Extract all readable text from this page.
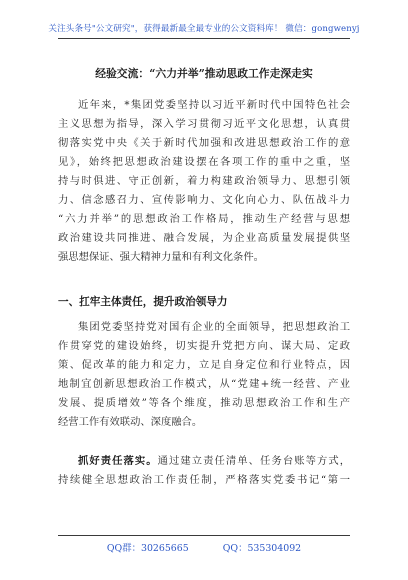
关注头条号"公文研究"，获得最新最全最专业的公文资料库！ 微信：gongwenyj
经验交流：“六力并举”推动思政工作走深走实
近年来，*集团党委坚持以习近平新时代中国特色社会
主义思想为指导，深入学习贯彻习近平文化思想，认真贯
彻落实党中央《关于新时代加强和改进思想政治工作的意
见》，始终把思想政治建设摆在各项工作的重中之重，坚
持与时俱进、守正创新，着力构建政治领导力、思想引领
力、信念感召力、宣传影响力、文化向心力、队伍战斗力
“六力并举”的思想政治工作格局，推动生产经营与思想
政治建设共同推进、融合发展，为企业高质量发展提供坚
强思想保证、强大精神力量和有利文化条件。
一、扛牢主体责任，提升政治领导力
集团党委坚持党对国有企业的全面领导，把思想政治工
作贯穿党的建设始终，切实提升党把方向、谋大局、定政
策、促改革的能力和定力，立足自身定位和行业特点，因
地制宜创新思想政治工作模式，从“党建+统一经营、产业
发展、提质增效”等各个维度，推动思想政治工作和生产
经营工作有效联动、深度融合。
抓好责任落实。通过建立责任清单、任务台账等方式，
持续健全思想政治工作责任制，严格落实党委书记“第一
QQ群：30265665	QQ：535304092
